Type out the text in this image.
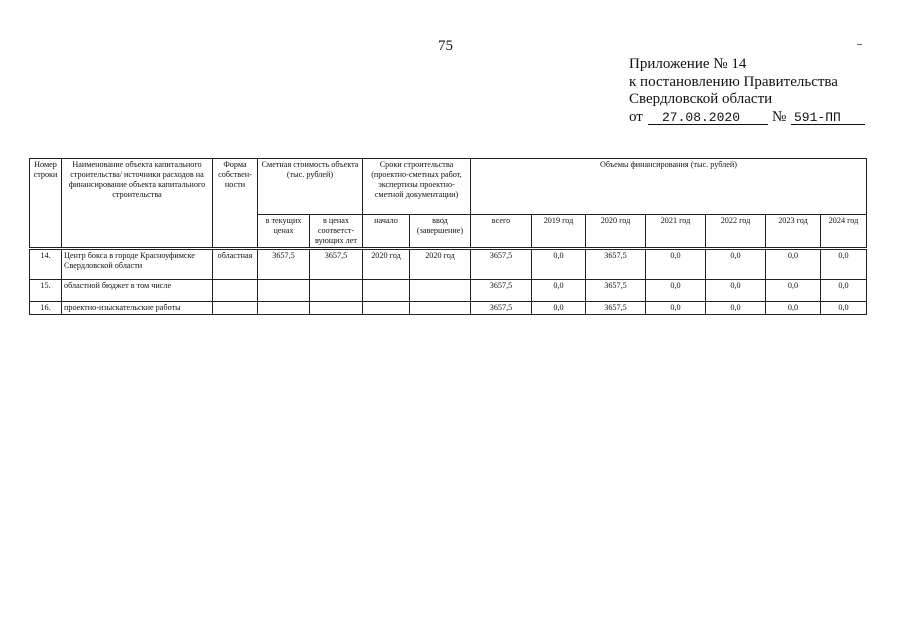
75
Приложение № 14
к постановлению Правительства
Свердловской области
от	27.08.2020	№ 591-ПП
Номер строки	Наименование объекта капитального строительства/ источники расходов на финансирование объекта капитального строительства	Форма собствен-ности	Сметная стоимость объекта (тыс. рублей)		Сроки строительства (проектно-сметных работ, экспертизы проектно-сметной документации)		Объемы финансирования (тыс. рублей)						
			в текущих ценах	в ценах соответст-вующих лет	начало	ввод (завершение)	всего	2019 год	2020 год	2021 год	2022 год	2023 год	2024 год

14.	Центр бокса в городе Красноуфимске Свердловской области	областная	3657,5	3657,5	2020 год	2020 год	3657,5	0,0	3657,5	0,0	0,0	0,0	0,0
15.	областной бюджет в том числе						3657,5	0,0	3657,5	0,0	0,0	0,0	0,0
16.	проектно-изыскательские работы						3657,5	0,0	3657,5	0,0	0,0	0,0	0,0
